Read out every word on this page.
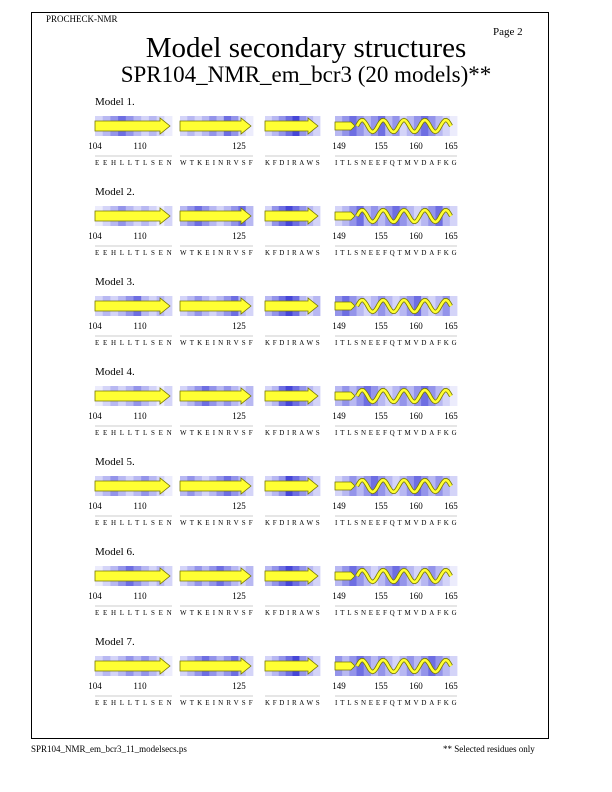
PROCHECK-NMR
Page 2
Model secondary structures
SPR104_NMR_em_bcr3 (20 models)**
Model 1.
104	110
EEHLLTLSEN
125
WTKEINRVSF KFDIRAWS
149	155 160 165
ITLSNEEFQTMVDAFKG
Model 2.
104	110
EEHLLTLSEN
125
WTKEINRVSF KFDIRAWS
149	155 160 165
ITLSNEEFQTMVDAFKG
Model 3.
104	110
EEHLLTLSEN
125
WTKEINRVSF KFDIRAWS
149	155 160 165
ITLSNEEFQTMVDAFKG
Model 4.
104	110
EEHLLTLSEN
125
WTKEINRVSF KFDIRAWS
149	155 160 165
ITLSNEEFQTMVDAFKG
Model 5.
104	110
EEHLLTLSEN
125
WTKEINRVSF KFDIRAWS
149	155 160 165
ITLSNEEFQTMVDAFKG
Model 6.
104	110
EEHLLTLSEN
125
WTKEINRVSF KFDIRAWS
149	155 160 165
ITLSNEEFQTMVDAFKG
Model 7.
104	110
EEHLLTLSEN
125
WTKEINRVSF KFDIRAWS
149	155 160 165
ITLSNEEFQTMVDAFKG
SPR104_NMR_em_bcr3_11_modelsecs.ps	** Selected residues only
